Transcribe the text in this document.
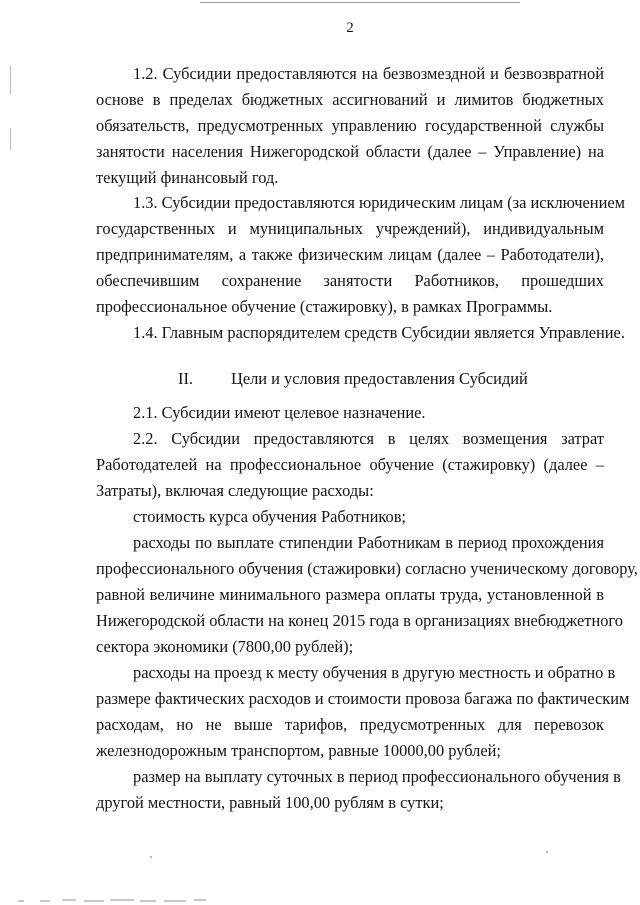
2
1.2. Субсидии предоставляются на безвозмездной и безвозвратной
основе в пределах бюджетных ассигнований и лимитов бюджетных
обязательств, предусмотренных управлению государственной службы
занятости населения Нижегородской области (далее – Управление) на
текущий финансовый год.
1.3. Субсидии предоставляются юридическим лицам (за исключением
государственных и муниципальных учреждений), индивидуальным
предпринимателям, а также физическим лицам (далее – Работодатели),
обеспечившим сохранение занятости Работников, прошедших
профессиональное обучение (стажировку), в рамках Программы.
1.4. Главным распорядителем средств Субсидии является Управление.
II. Цели и условия предоставления Субсидий
2.1. Субсидии имеют целевое назначение.
2.2. Субсидии предоставляются в целях возмещения затрат
Работодателей на профессиональное обучение (стажировку) (далее –
Затраты), включая следующие расходы:
стоимость курса обучения Работников;
расходы по выплате стипендии Работникам в период прохождения
профессионального обучения (стажировки) согласно ученическому договору,
равной величине минимального размера оплаты труда, установленной в
Нижегородской области на конец 2015 года в организациях внебюджетного
сектора экономики (7800,00 рублей);
расходы на проезд к месту обучения в другую местность и обратно в
размере фактических расходов и стоимости провоза багажа по фактическим
расходам, но не выше тарифов, предусмотренных для перевозок
железнодорожным транспортом, равные 10000,00 рублей;
размер на выплату суточных в период профессионального обучения в
другой местности, равный 100,00 рублям в сутки;
